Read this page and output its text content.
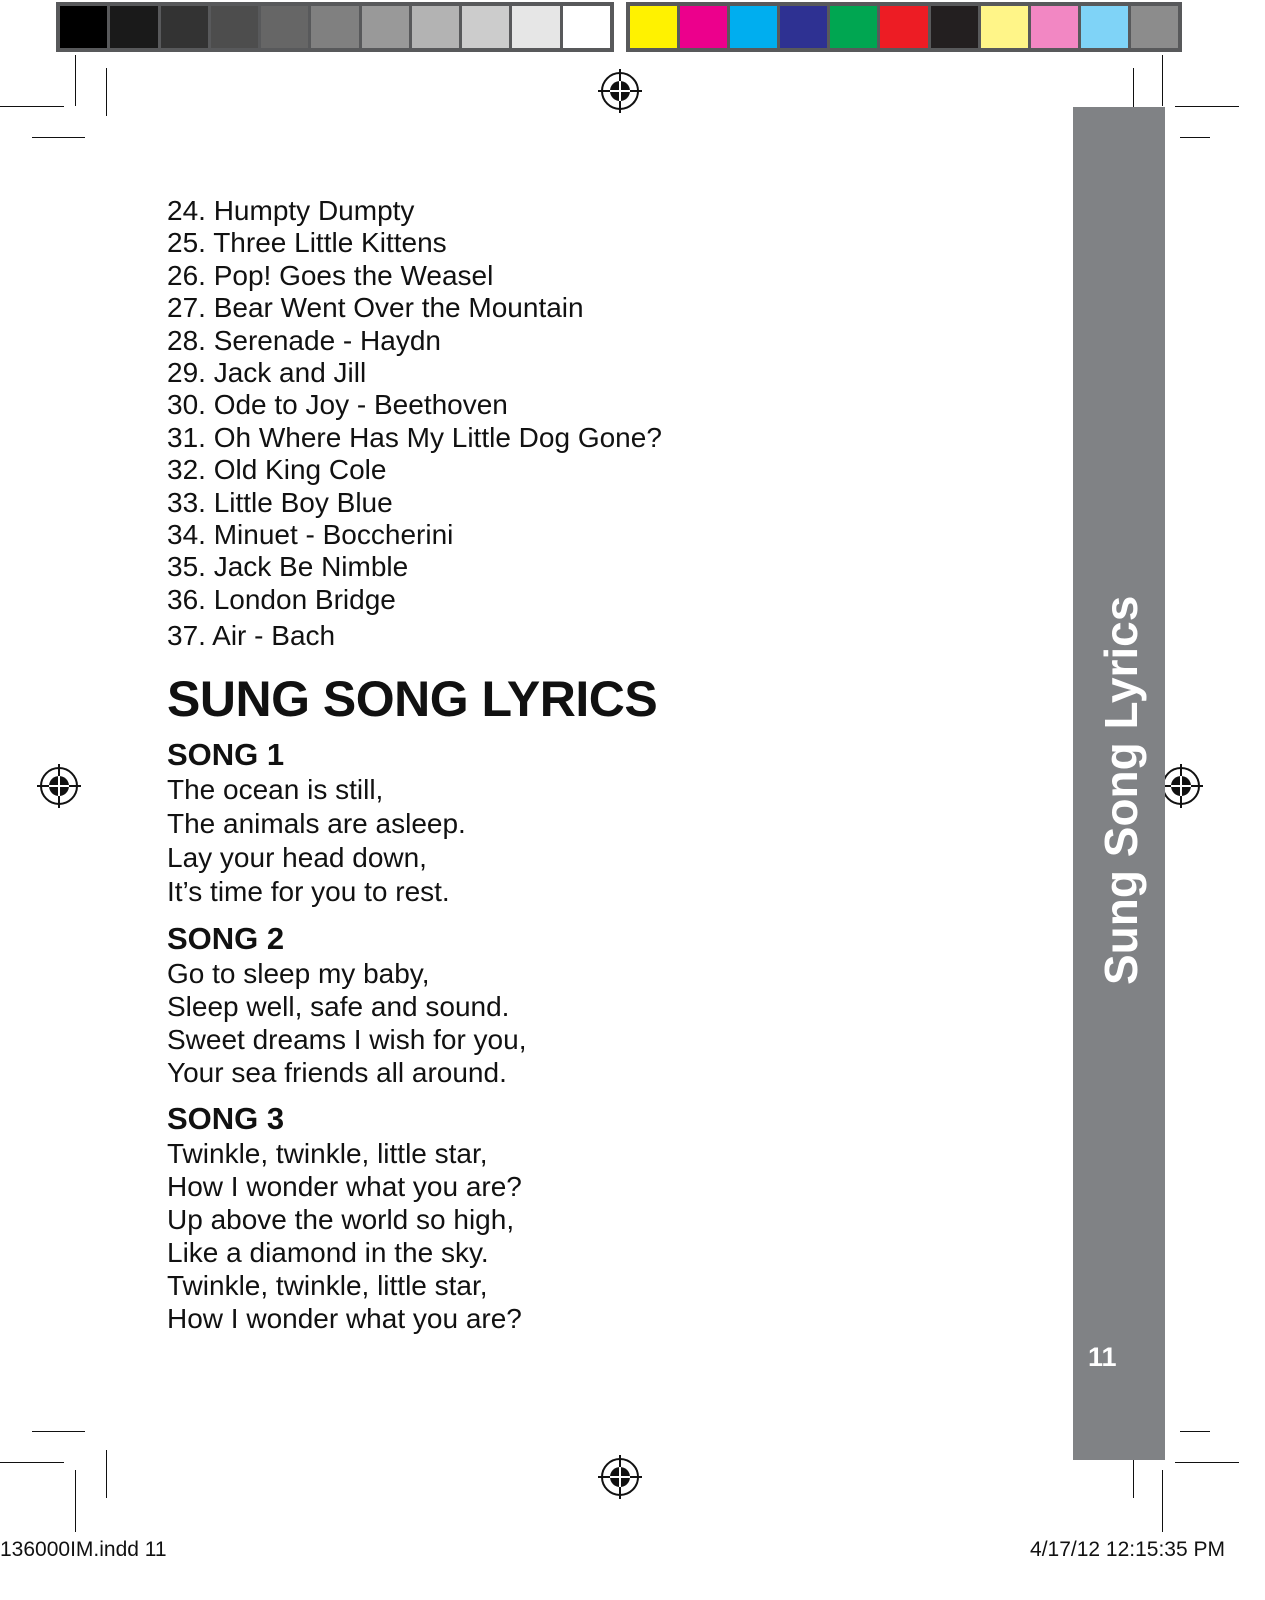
Sung Song Lyrics
11
24. Humpty Dumpty
25. Three Little Kittens
26. Pop! Goes the Weasel
27. Bear Went Over the Mountain
28. Serenade - Haydn
29. Jack and Jill
30. Ode to Joy - Beethoven
31. Oh Where Has My Little Dog Gone?
32. Old King Cole
33. Little Boy Blue
34. Minuet - Boccherini
35. Jack Be Nimble
36. London Bridge
37. Air - Bach
SUNG SONG LYRICS
SONG 1
The ocean is still,
The animals are asleep.
Lay your head down,
It’s time for you to rest.
SONG 2
Go to sleep my baby,
Sleep well, safe and sound.
Sweet dreams I wish for you,
Your sea friends all around.
SONG 3
Twinkle, twinkle, little star,
How I wonder what you are?
Up above the world so high,
Like a diamond in the sky.
Twinkle, twinkle, little star,
How I wonder what you are?
136000IM.indd 11	4/17/12 12:15:35 PM
